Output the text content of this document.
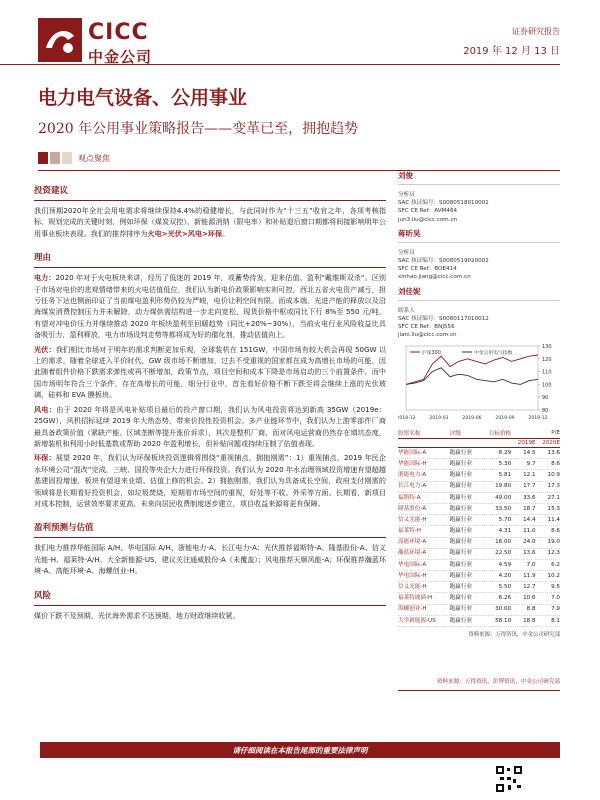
CICC
中金公司
证券研究报告
2019 年 12 月 13 日
电力电气设备、公用事业
2020 年公用事业策略报告——变革已至，拥抱趋势
观点聚焦
投资建议
我们预期2020年全社会用电需求将继续保持4.4%的稳健增长，与此同时作为“十三五”收官之年，各项考核指标、规划完成的关键时刻，例如环保（煤炭双控）、新能源消纳（限电率）和补贴退后窗口期都将间接影响明年公用事业板块表现。我们的推荐排序为火电>光伏>风电>环保。
理由
电力：2020 年对于火电板块来讲，经历了低迷的 2019 年，或蓄势待发，迎来估值、盈利“戴维斯双杀”。区别于市场对电价的悲观情绪带来的火电估值低位，我们认为新电价政策影响实则可控，西北五省火电资产减亏，担亏任务下达也侧面印证了当前煤电盈利形势仍较为严峻，电价让利空间有限。而成本端，光进产能的释放以及沿海煤炭消费控制压力并未解除，动力煤供需结构进一步走向宽松，现货价格中枢或同比下行 8%至 550 元/吨，有望对冲电价压力并继续推动 2020 年板块盈利至回暖趋势（同比+20%~30%），当前火电行业风险收益比具备吸引力，盈利释放，电力市场设判走势等都将成为好的催化剂，推动估值向上。
光伏：我们相比市场对于明年的需求判断更加乐观，全球装机在 151GW，中国市场有较大机会再现 50GW 以上的需求，随着全球进入平价时代，GW 级市场不断增加，过去不受重视的国家都在成为高增长市场的可能，因此随着组件价格下跌需求弹性或再不断增加，政策节点，项目空间和成本下降是市场启动的三个前置条件，而中国市场明年符合三个条件，存在高增长的可能，细分行业中，首先看好价格不断下跌至将会继续上涨的光伏玻璃，硅料和 EVA 膜板块。
风电：由于 2020 年将是风电补贴项目最后的投产窗口期，我们认为风电投资将达到新高 35GW（2019e：25GW），风机招标延续 2019 年大热态势，带来价投性投资机会。多产业链环节中，我们认为上游零部件厂商最具备政策价值（紧缺产能、区域垄断等提升涨价诉求），其次是整机厂商，而对风电运营商仍然存在填坑态度，新增装机和利用小时低基数或帮助 2020 年盈利增长，但补贴问题或持续压制了估值表现。
环保：展望 2020 年，我们认为环保板块投资逻辑将围绕“重视捕点，拥抱刚需”：1）重视捕点，2019 年民企水环境公司“混改”完成，三峡、国投等央企大力进行环保投资。我们认为 2020 年水治理领域投资增速有望超越基建固投增速，板块有望迎来业绩、估值上修的机会。2）拥抱刚需，我们认为具备成长空间，政府支付刚需的领域将是长期看好投资机会，如垃圾焚烧，短期看市场空间的重视，好处等不收、外采等方面。长期看，新项目对成本控制，运营效率要求更高，未来向居民收费制度逐步建立，项目收益来源将更有保障。
盈利预测与估值
我们电力推荐华能国际 A/H、华电国际 A/H、浙能电力-A、长江电力-A；光伏推荐福斯特-A、隆基股份-A、信义光能-H、福莱特-A/H、大全新能源-US，建议关注通威股份-A（未覆盖）；风电推荐天顺风能-A；环保推荐瀚蓝环境-A、高能环境-A、海螺创业-H。
风险
煤价下跌不及预期，光伏海外需求不达预期，地方财政继续收紧。
刘俊
分析员
SAC 执证编号：S0080518010001
SFC CE Ref：AVM464
jun3.liu@cicc.com.cn
蒋昕昊
分析员
SAC 执证编号：S0080519020002
SFC CE Ref：BOE414
xinhao.jiang@cicc.com.cn
刘佳妮
联系人
SAC 执证编号：S0080117010012
SFC CE Ref：BNJ556
jiani.liu@cicc.com.cn
80
90
100
110
120
130
2018-12	2019-03	2019-06	2019-09	2019-12
沪深300	中金公用电气指数
股票名称	评级	目标价格	P/E	
			2019E	2020E
华能国际-A	跑赢行业	8.29	14.5	13.6
华能国际-H	跑赢行业	5.30	9.7	8.6
浙能电力-A	跑赢行业	5.81	12.1	10.9
长江电力-A	跑赢行业	19.80	17.7	17.3
福斯特-A	跑赢行业	49.00	33.6	27.1
隆基股份-A	跑赢行业	33.50	18.7	15.3
信义光能-H	跑赢行业	5.70	14.4	11.4
福莱特-H	跑赢行业	4.31	11.0	8.6
高能环境-A	跑赢行业	16.00	24.0	19.0
瀚蓝环境-A	跑赢行业	22.50	13.6	12.3
华电国际-A	跑赢行业	4.59	7.0	6.2
华电国际-H	跑赢行业	4.20	11.9	10.2
信义光能-H	跑赢行业	5.50	12.7	9.5
福莱特玻璃-H	跑赢行业	6.26	10.6	7.0
海螺创业-H	跑赢行业	30.00	8.8	7.9
大全新能源-US	跑赢行业	58.10	18.8	8.1
资料来源：万得资讯，中金公司研究部
资料来源：万得资讯，彭博资讯，中金公司研究部
请仔细阅读在本报告尾部的重要法律声明
